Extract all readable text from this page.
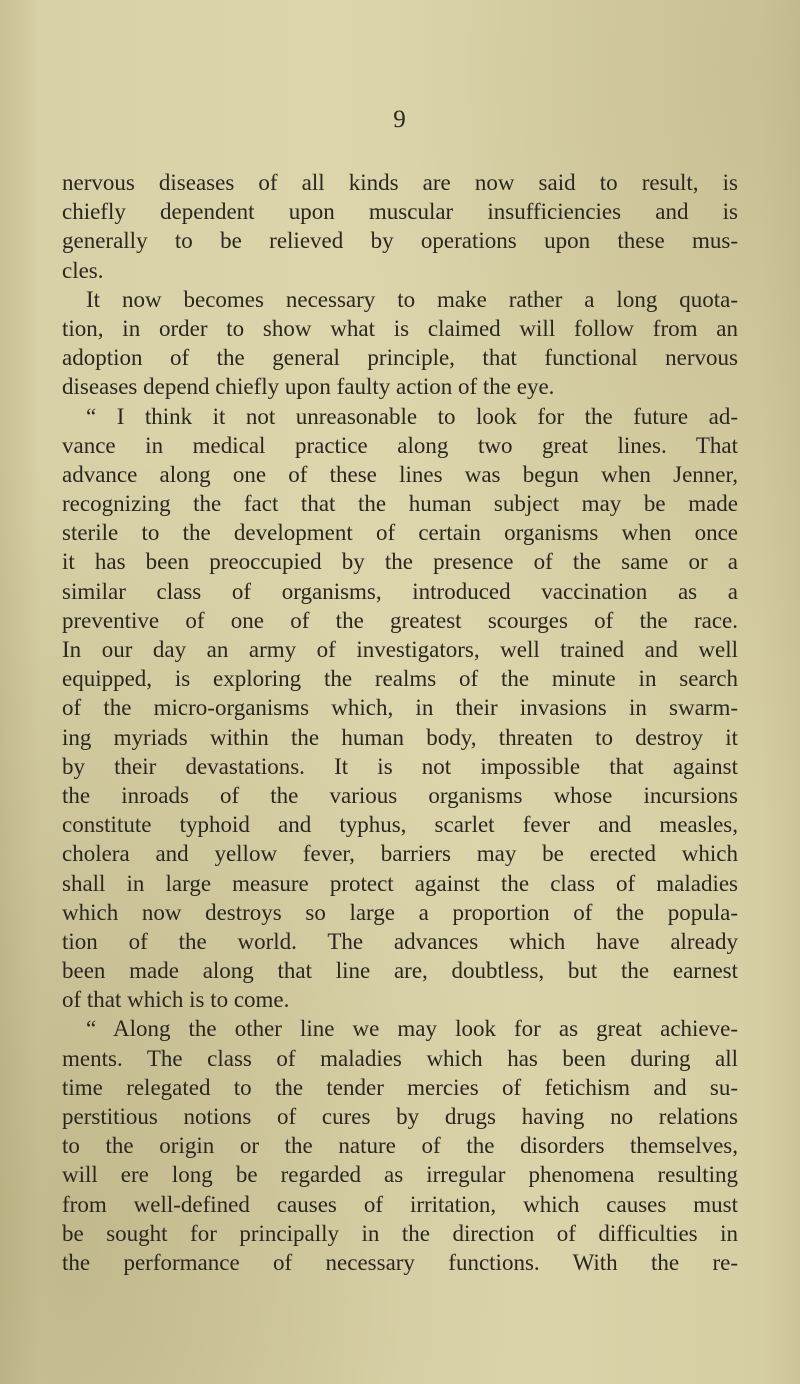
9
nervous diseases of all kinds are now said to result, is
chiefly dependent upon muscular insufficiencies and is
generally to be relieved by operations upon these mus-
cles.
It now becomes necessary to make rather a long quota-
tion, in order to show what is claimed will follow from an
adoption of the general principle, that functional nervous
diseases depend chiefly upon faulty action of the eye.
“ I think it not unreasonable to look for the future ad-
vance in medical practice along two great lines. That
advance along one of these lines was begun when Jenner,
recognizing the fact that the human subject may be made
sterile to the development of certain organisms when once
it has been preoccupied by the presence of the same or a
similar class of organisms, introduced vaccination as a
preventive of one of the greatest scourges of the race.
In our day an army of investigators, well trained and well
equipped, is exploring the realms of the minute in search
of the micro-organisms which, in their invasions in swarm-
ing myriads within the human body, threaten to destroy it
by their devastations. It is not impossible that against
the inroads of the various organisms whose incursions
constitute typhoid and typhus, scarlet fever and measles,
cholera and yellow fever, barriers may be erected which
shall in large measure protect against the class of maladies
which now destroys so large a proportion of the popula-
tion of the world. The advances which have already
been made along that line are, doubtless, but the earnest
of that which is to come.
“ Along the other line we may look for as great achieve-
ments. The class of maladies which has been during all
time relegated to the tender mercies of fetichism and su-
perstitious notions of cures by drugs having no relations
to the origin or the nature of the disorders themselves,
will ere long be regarded as irregular phenomena resulting
from well-defined causes of irritation, which causes must
be sought for principally in the direction of difficulties in
the performance of necessary functions. With the re-
